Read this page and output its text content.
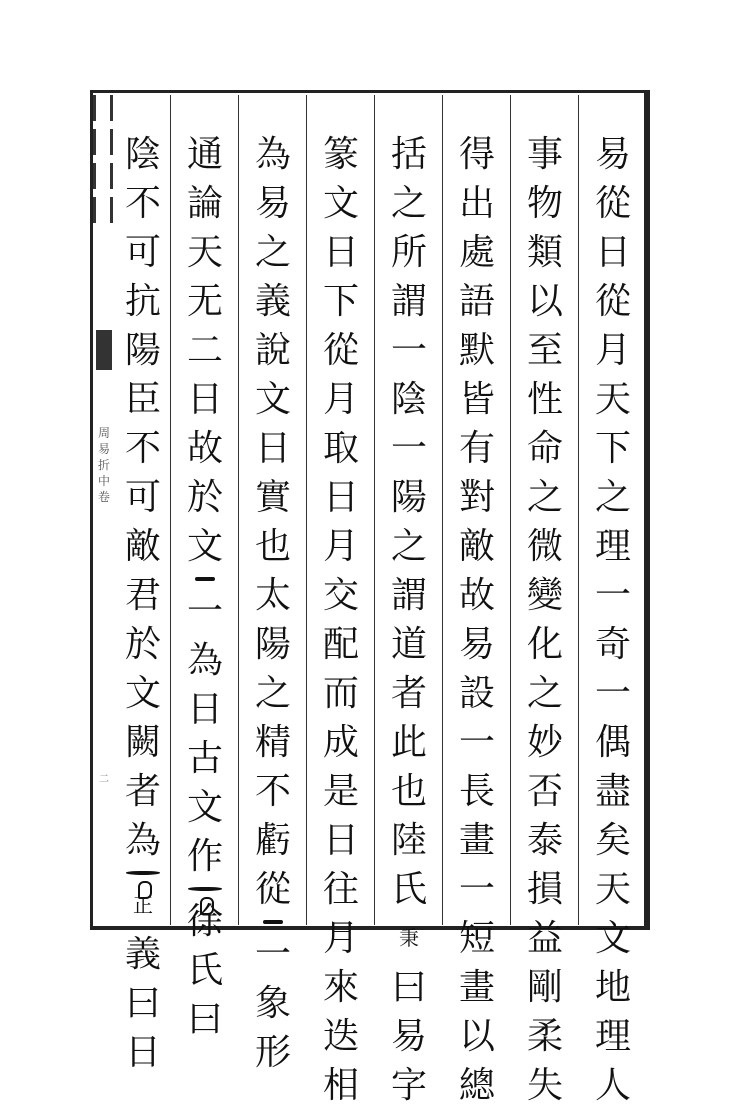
周易折中卷
二
易
從
日
從
月
天
下
之
理
一
奇
一
偶
盡
矣
天
文
地
理
人
事
物
類
以
至
性
命
之
微
變
化
之
妙
否
泰
損
益
剛
柔
失
得
出
處
語
默
皆
有
對
敵
故
易
設
一
長
畫
一
短
畫
以
總
括
之
所
謂
一
陰
一
陽
之
謂
道
者
此
也
陸
氏
秉
曰
易
字
篆
文
日
下
從
月
取
日
月
交
配
而
成
是
日
往
月
來
迭
相
為
易
之
義
說
文
日
實
也
太
陽
之
精
不
虧
從
一
象
形
通
論
天
无
二
日
故
於
文
一
為
日
古
文
作
徐
氏
曰
陰
不
可
抗
陽
臣
不
可
敵
君
於
文
闕
者
為
正
義
曰
日
